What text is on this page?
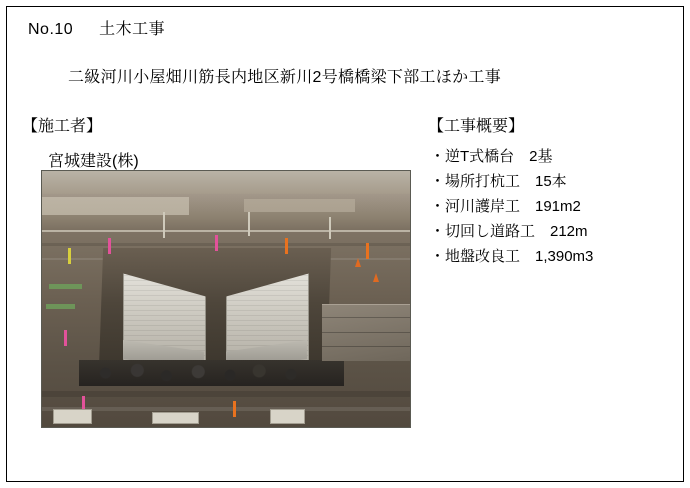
No.10 土木工事
二級河川小屋畑川筋長内地区新川2号橋橋梁下部工ほか工事
【施工者】
宮城建設(株)
【工事概要】
・逆T式橋台　2基
・場所打杭工　15本
・河川護岸工　191m2
・切回し道路工　212m
・地盤改良工　1,390m3
